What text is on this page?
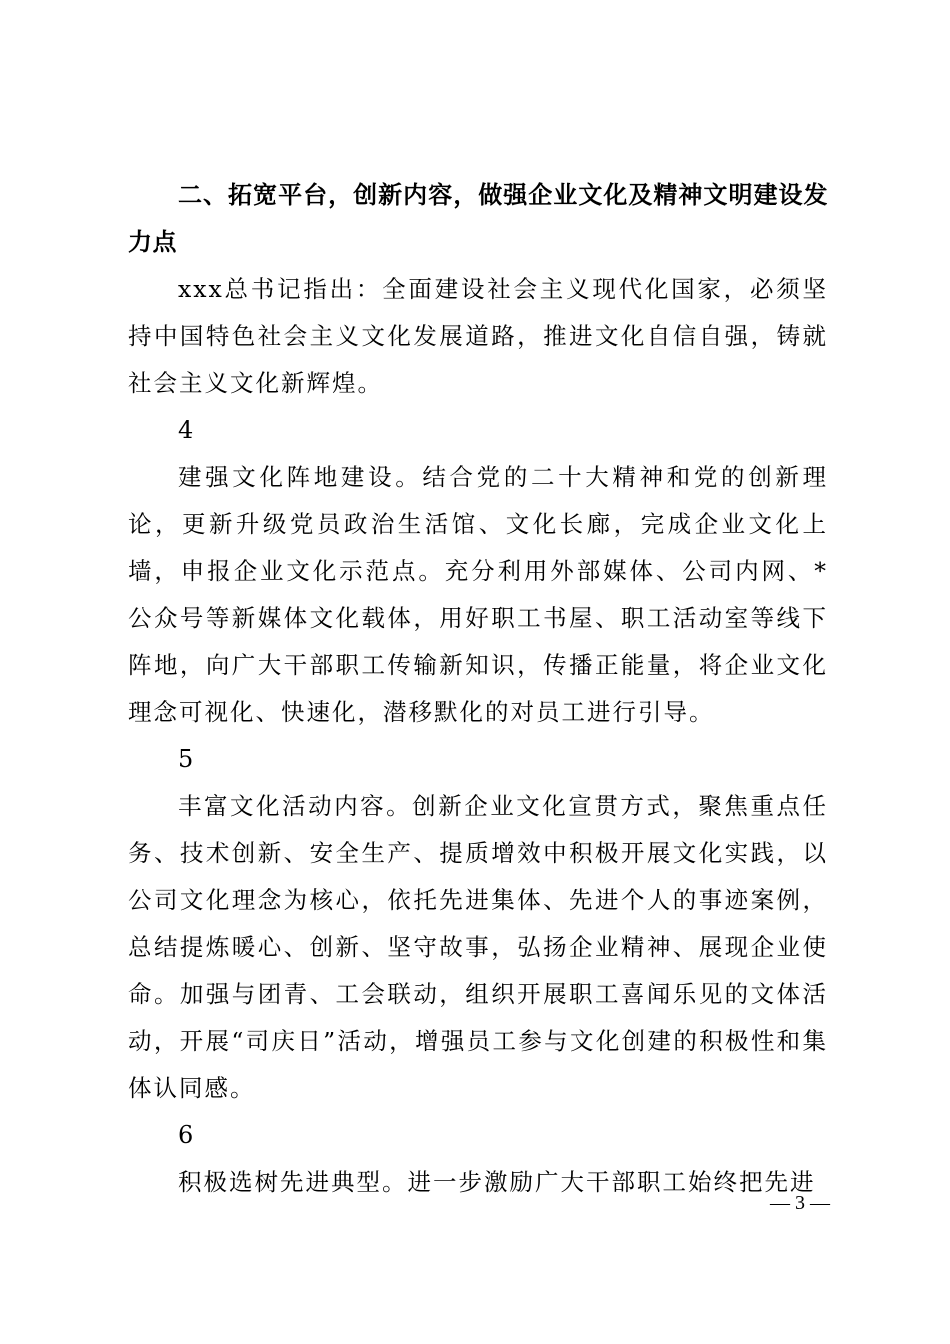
二、拓宽平台，创新内容，做强企业文化及精神文明建设发力点

xxx总书记指出：全面建设社会主义现代化国家，必须坚持中国特色社会主义文化发展道路，推进文化自信自强，铸就社会主义文化新辉煌。

4

建强文化阵地建设。结合党的二十大精神和党的创新理论，更新升级党员政治生活馆、文化长廊，完成企业文化上墙，申报企业文化示范点。充分利用外部媒体、公司内网、*公众号等新媒体文化载体，用好职工书屋、职工活动室等线下阵地，向广大干部职工传输新知识，传播正能量，将企业文化理念可视化、快速化，潜移默化的对员工进行引导。

5

丰富文化活动内容。创新企业文化宣贯方式，聚焦重点任务、技术创新、安全生产、提质增效中积极开展文化实践，以公司文化理念为核心，依托先进集体、先进个人的事迹案例，总结提炼暖心、创新、坚守故事，弘扬企业精神、展现企业使命。加强与团青、工会联动，组织开展职工喜闻乐见的文体活动，开展“司庆日”活动，增强员工参与文化创建的积极性和集体认同感。

6

积极选树先进典型。进一步激励广大干部职工始终把先进

— 3 —
